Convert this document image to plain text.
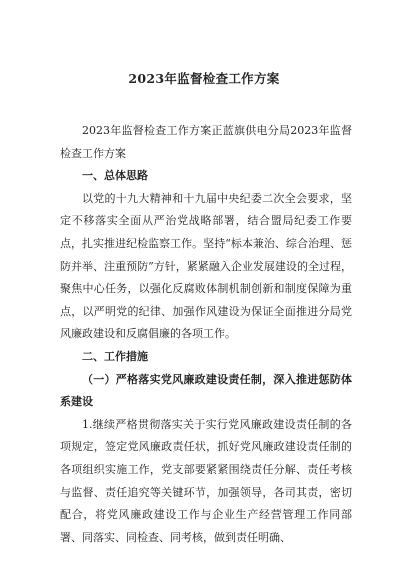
2023年监督检查工作方案

2023年监督检查工作方案正蓝旗供电分局2023年监督检查工作方案

一、总体思路

以党的十九大精神和十九届中央纪委二次全会要求，坚定不移落实全面从严治党战略部署，结合盟局纪委工作要点，扎实推进纪检监察工作。坚持“标本兼治、综合治理、惩防并举、注重预防”方针，紧紧融入企业发展建设的全过程，聚焦中心任务，以强化反腐败体制机制创新和制度保障为重点，以严明党的纪律、加强作风建设为保证全面推进分局党风廉政建设和反腐倡廉的各项工作。

二、工作措施

（一）严格落实党风廉政建设责任制，深入推进惩防体系建设

1.继续严格贯彻落实关于实行党风廉政建设责任制的各项规定，签定党风廉政责任状，抓好党风廉政建设责任制的各项组织实施工作，党支部要紧紧围绕责任分解、责任考核与监督、责任追究等关键环节，加强领导，各司其责，密切配合，将党风廉政建设工作与企业生产经营管理工作同部署、同落实、同检查、同考核，做到责任明确、
